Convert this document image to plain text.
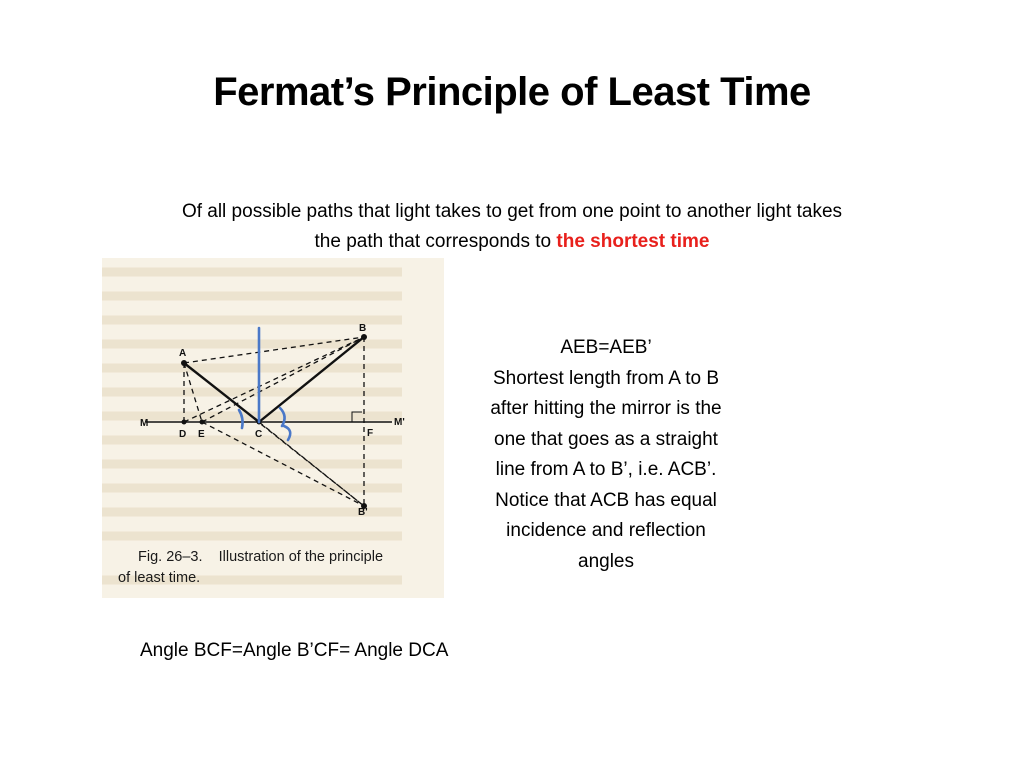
Fermat’s Principle of Least Time
Of all possible paths that light takes to get from one point to another light takes
the path that corresponds to the shortest time
A
B
M
D E	C	F
M'
B'
Fig. 26–3.    Illustration of the principle
of least time.
AEB=AEB’
Shortest length from A to B
after hitting the mirror is the
one that goes as a straight
line from A to B’, i.e. ACB’.
Notice that ACB has equal
incidence and reflection
angles
Angle BCF=Angle B’CF= Angle DCA
